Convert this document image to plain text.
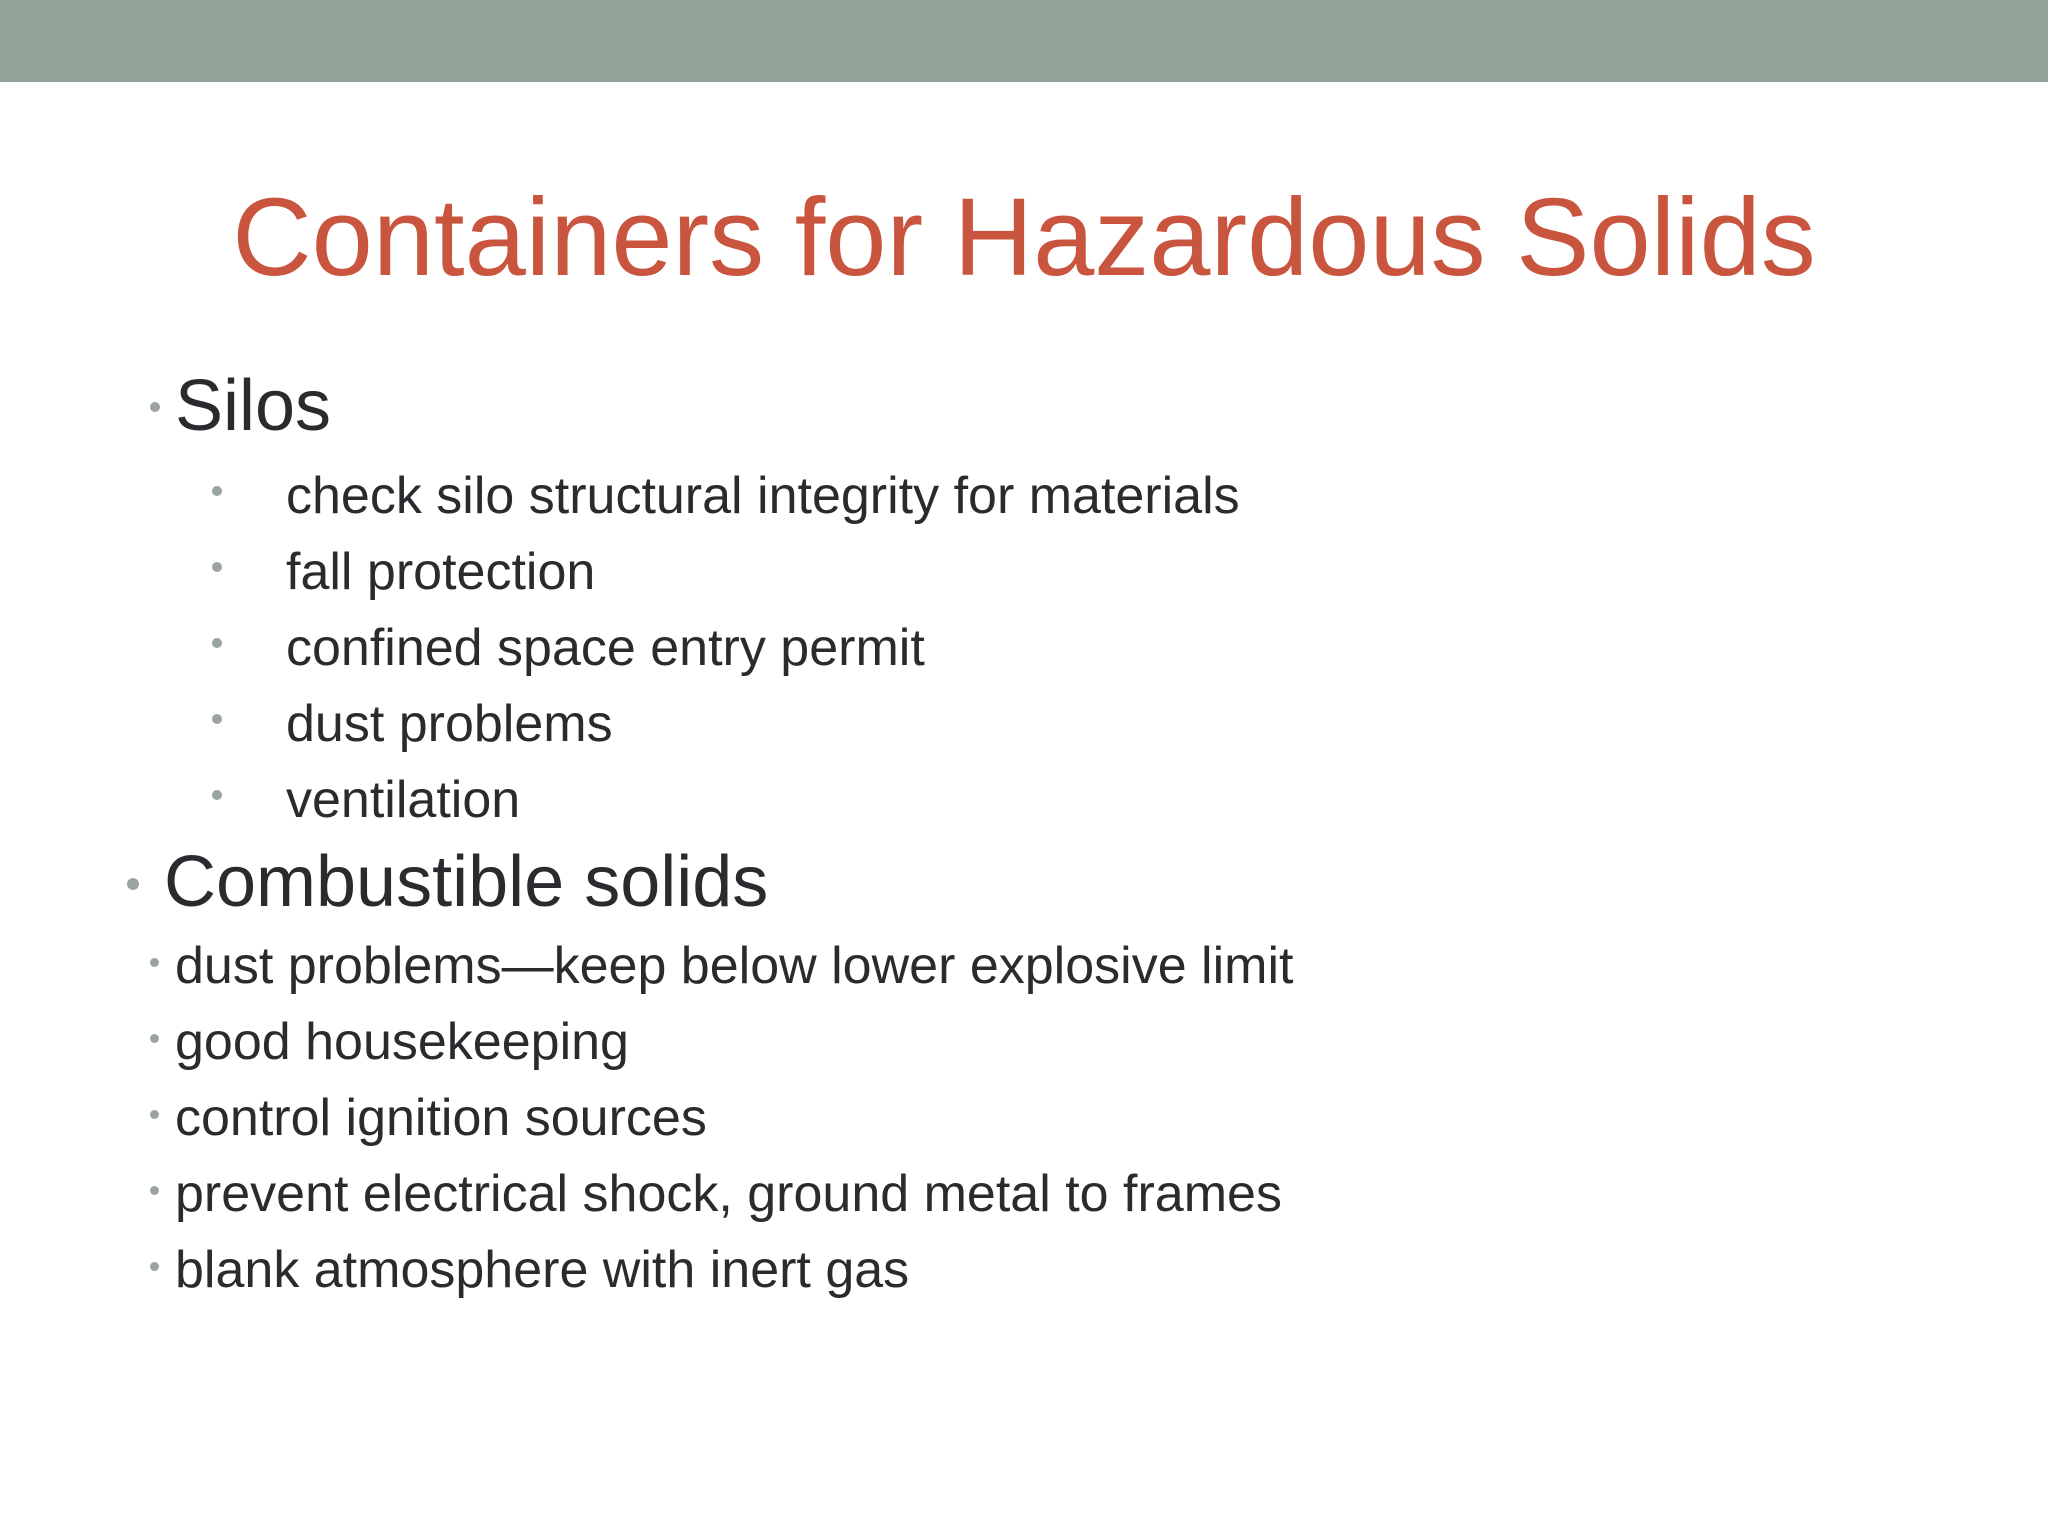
Containers for Hazardous Solids
Silos
check silo structural integrity for materials
fall protection
confined space entry permit
dust problems
ventilation
Combustible solids
dust problems—keep below lower explosive limit
good housekeeping
control ignition sources
prevent electrical shock, ground metal to frames
blank atmosphere with inert gas
